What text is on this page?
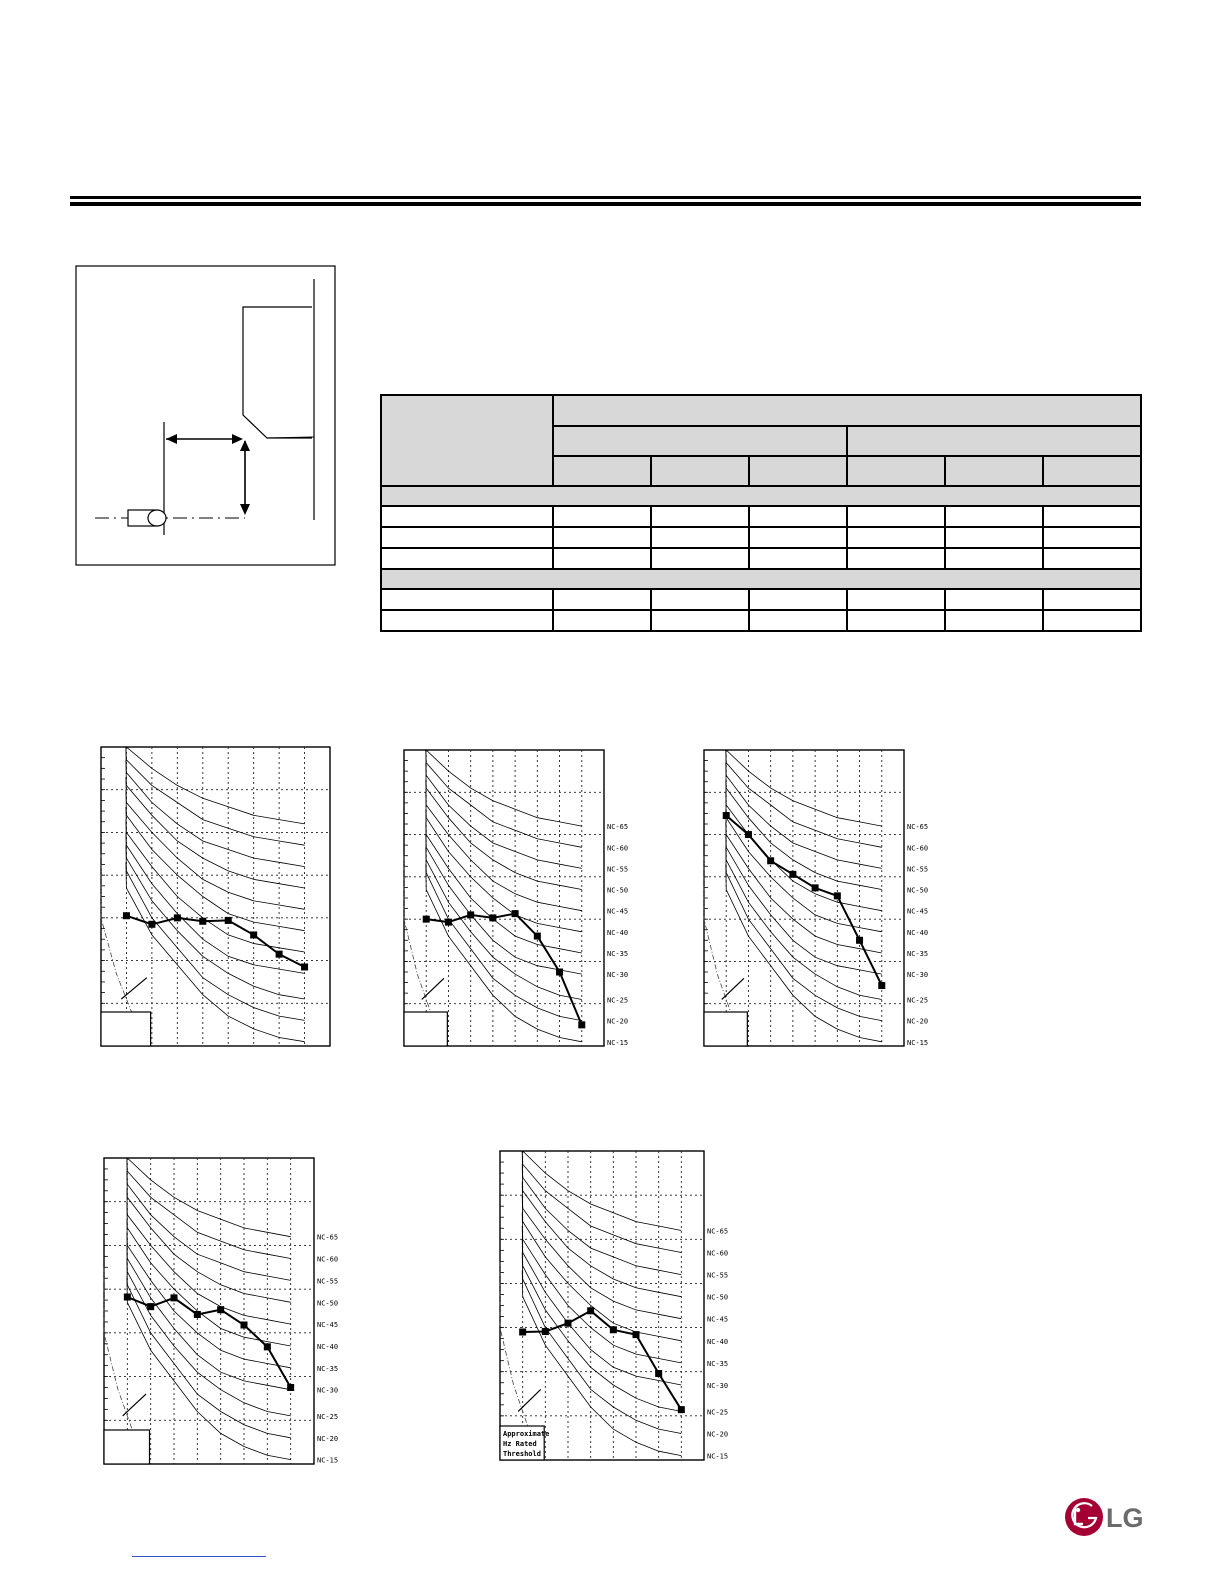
NC-65
NC-60
NC-55
NC-50
NC-45
NC-40
NC-35
NC-30
NC-25
NC-20
NC-15
NC-65
NC-60
NC-55
NC-50
NC-45
NC-40
NC-35
NC-30
NC-25
NC-20
NC-15
NC-65
NC-60
NC-55
NC-50
NC-45
NC-40
NC-35
NC-30
NC-25
NC-20
NC-15
NC-65
NC-60
NC-55
NC-50
NC-45
NC-40
NC-35
NC-30
NC-25
NC-20
NC-15
Approximate
Hz Rated
Threshold
LG
